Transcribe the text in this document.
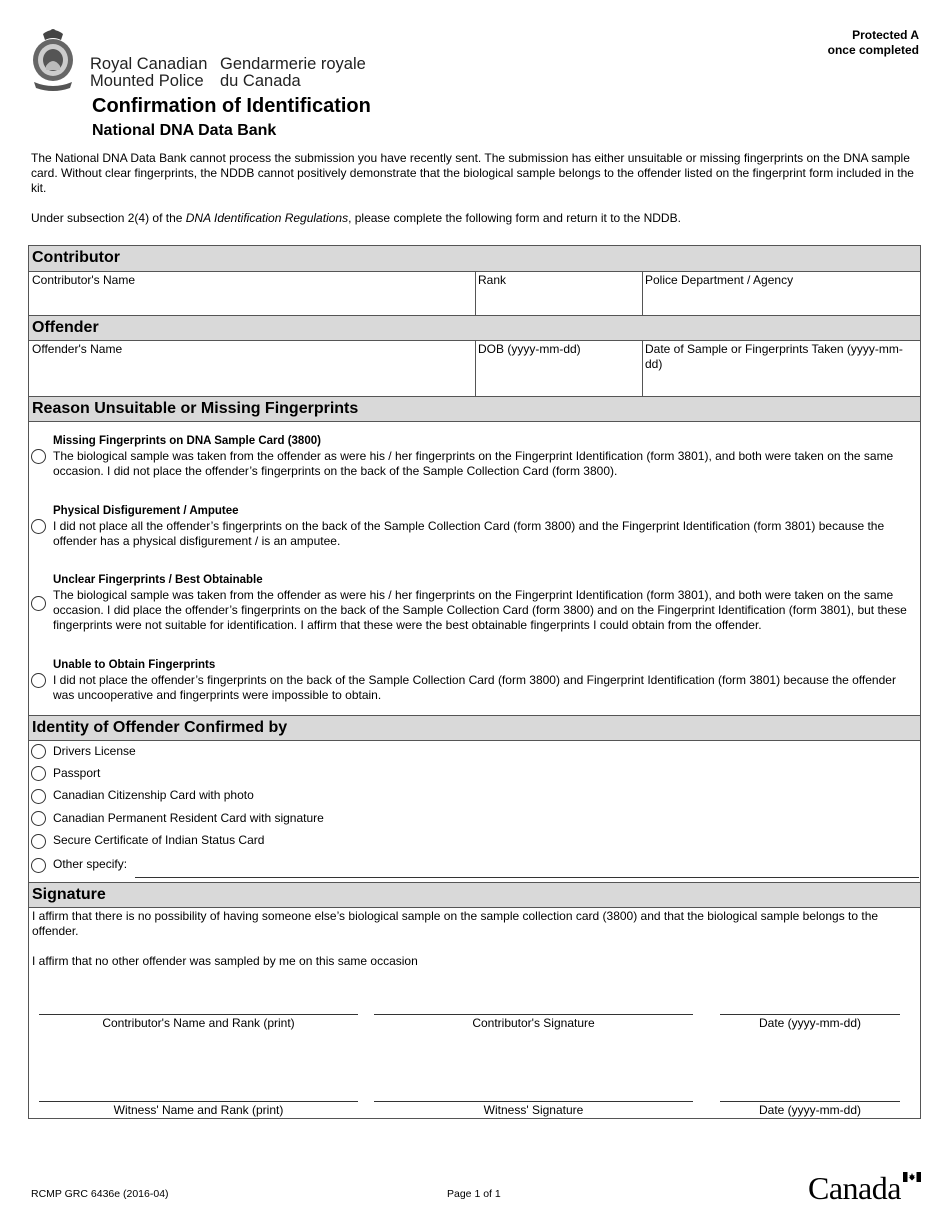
Royal Canadian
Mounted Police
Gendarmerie royale
du Canada
Protected A
once completed
Confirmation of Identification
National DNA Data Bank

The National DNA Data Bank cannot process the submission you have recently sent. The submission has either unsuitable or missing fingerprints on the DNA sample card. Without clear fingerprints, the NDDB cannot positively demonstrate that the biological sample belongs to the offender listed on the fingerprint form included in the kit.

Under subsection 2(4) of the DNA Identification Regulations, please complete the following form and return it to the NDDB.

Contributor
Contributor's Name	Rank	Police Department / Agency
Offender
Offender's Name	DOB (yyyy-mm-dd)	Date of Sample or Fingerprints Taken (yyyy-mm-dd)
Reason Unsuitable or Missing Fingerprints
Missing Fingerprints on DNA Sample Card (3800)
The biological sample was taken from the offender as were his / her fingerprints on the Fingerprint Identification (form 3801), and both were taken on the same occasion. I did not place the offender’s fingerprints on the back of the Sample Collection Card (form 3800).
Physical Disfigurement / Amputee
I did not place all the offender’s fingerprints on the back of the Sample Collection Card (form 3800) and the Fingerprint Identification (form 3801) because the offender has a physical disfigurement / is an amputee.
Unclear Fingerprints / Best Obtainable
The biological sample was taken from the offender as were his / her fingerprints on the Fingerprint Identification (form 3801), and both were taken on the same occasion. I did place the offender’s fingerprints on the back of the Sample Collection Card (form 3800) and on the Fingerprint Identification (form 3801), but these fingerprints were not suitable for identification. I affirm that these were the best obtainable fingerprints I could obtain from the offender.
Unable to Obtain Fingerprints
I did not place the offender’s fingerprints on the back of the Sample Collection Card (form 3800) and Fingerprint Identification (form 3801) because the offender was uncooperative and fingerprints were impossible to obtain.
Identity of Offender Confirmed by
Drivers License
Passport
Canadian Citizenship Card with photo
Canadian Permanent Resident Card with signature
Secure Certificate of Indian Status Card
Other specify:
Signature

I affirm that there is no possibility of having someone else’s biological sample on the sample collection card (3800) and that the biological sample belongs to the offender.

I affirm that no other offender was sampled by me on this same occasion

Contributor's Name and Rank (print)	Contributor's Signature	Date (yyyy-mm-dd)
Witness' Name and Rank (print)	Witness' Signature	Date (yyyy-mm-dd)
RCMP GRC 6436e (2016-04)	Page 1 of 1	Canada
